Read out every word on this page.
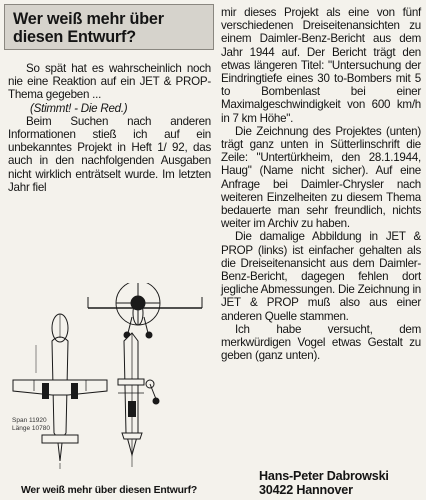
Wer weiß mehr über
diesen Entwurf?

So spät hat es wahrscheinlich noch nie eine Reaktion auf ein JET & PROP-Thema gegeben ...

(Stimmt! - Die Red.)

Beim Suchen nach anderen Informationen stieß ich auf ein unbekanntes Projekt in Heft 1/ 92, das auch in den nachfolgenden Ausgaben nicht wirklich enträtselt wurde. Im letzten Jahr fiel

Span 11920
Länge 10780
Wer weiß mehr über diesen Entwurf?

mir dieses Projekt als eine von fünf verschiedenen Dreiseitenansichten zu einem Daimler-Benz-Bericht aus dem Jahr 1944 auf. Der Bericht trägt den etwas längeren Titel: "Untersuchung der Eindringtiefe eines 30 to-Bombers mit 5 to Bombenlast bei einer Maximalgeschwindigkeit von 600 km/h in 7 km Höhe".

Die Zeichnung des Projektes (unten) trägt ganz unten in Sütterlinschrift die Zeile: "Untertürkheim, den 28.1.1944, Haug" (Name nicht sicher). Auf eine Anfrage bei Daimler-Chrysler nach weiteren Einzelheiten zu diesem Thema bedauerte man sehr freundlich, nichts weiter im Archiv zu haben.

Die damalige Abbildung in JET & PROP (links) ist einfacher gehalten als die Dreiseitenansicht aus dem Daimler-Benz-Bericht, dagegen fehlen dort jegliche Abmessungen. Die Zeichnung in JET & PROP muß also aus einer anderen Quelle stammen.

Ich habe versucht, dem merkwürdigen Vogel etwas Gestalt zu geben (ganz unten).

Hans-Peter Dabrowski
30422 Hannover
